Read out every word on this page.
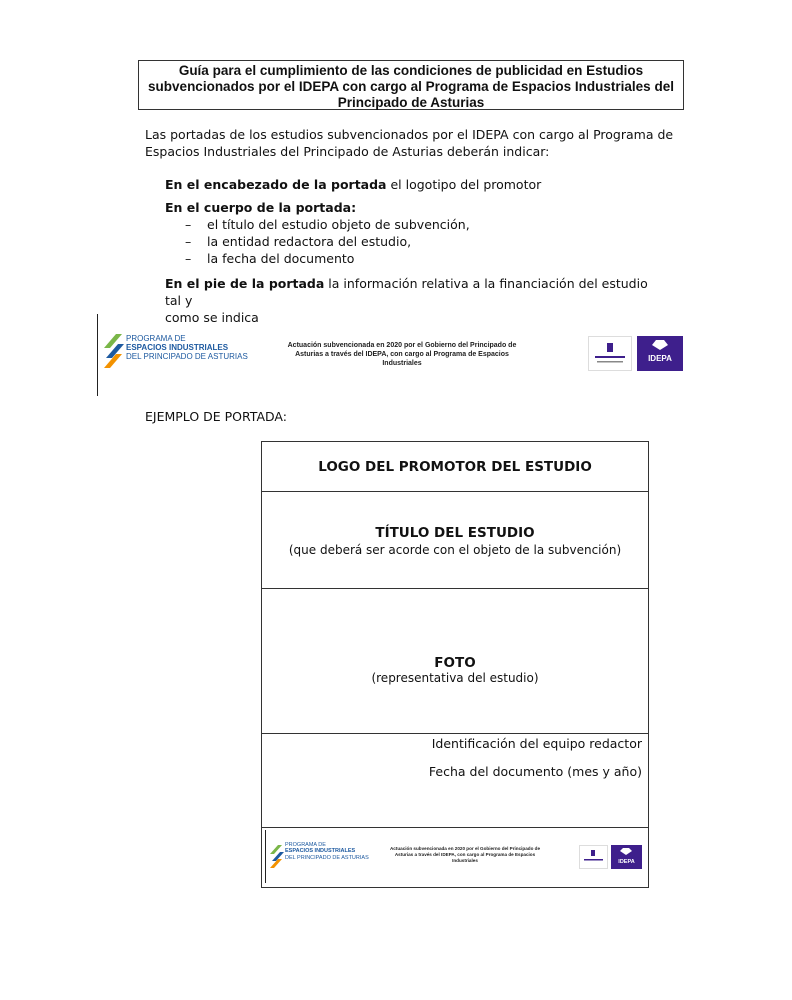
Guía para el cumplimiento de las condiciones de publicidad en Estudios
subvencionados por el IDEPA con cargo al Programa de Espacios Industriales del
Principado de Asturias
Las portadas de los estudios subvencionados por el IDEPA con cargo al Programa de
Espacios Industriales del Principado de Asturias deberán indicar:
En el encabezado de la portada el logotipo del promotor
En el cuerpo de la portada:
– el título del estudio objeto de subvención,
– la entidad redactora del estudio,
– la fecha del documento
En el pie de la portada la información relativa a la financiación del estudio tal y
como se indica
PROGRAMA DE
ESPACIOS INDUSTRIALES
DEL PRINCIPADO DE ASTURIAS
Actuación subvencionada en 2020 por el Gobierno del Principado de
Asturias a través del IDEPA, con cargo al Programa de Espacios
Industriales
IDEPA
EJEMPLO DE PORTADA:
LOGO DEL PROMOTOR DEL ESTUDIO
TÍTULO DEL ESTUDIO
(que deberá ser acorde con el objeto de la subvención)
FOTO
(representativa del estudio)
Identificación del equipo redactor
Fecha del documento (mes y año)
PROGRAMA DE
ESPACIOS INDUSTRIALES
DEL PRINCIPADO DE ASTURIAS
Actuación subvencionada en 2020 por el Gobierno del Principado de
Asturias a través del IDEPA, con cargo al Programa de Espacios
Industriales	IDEPA
